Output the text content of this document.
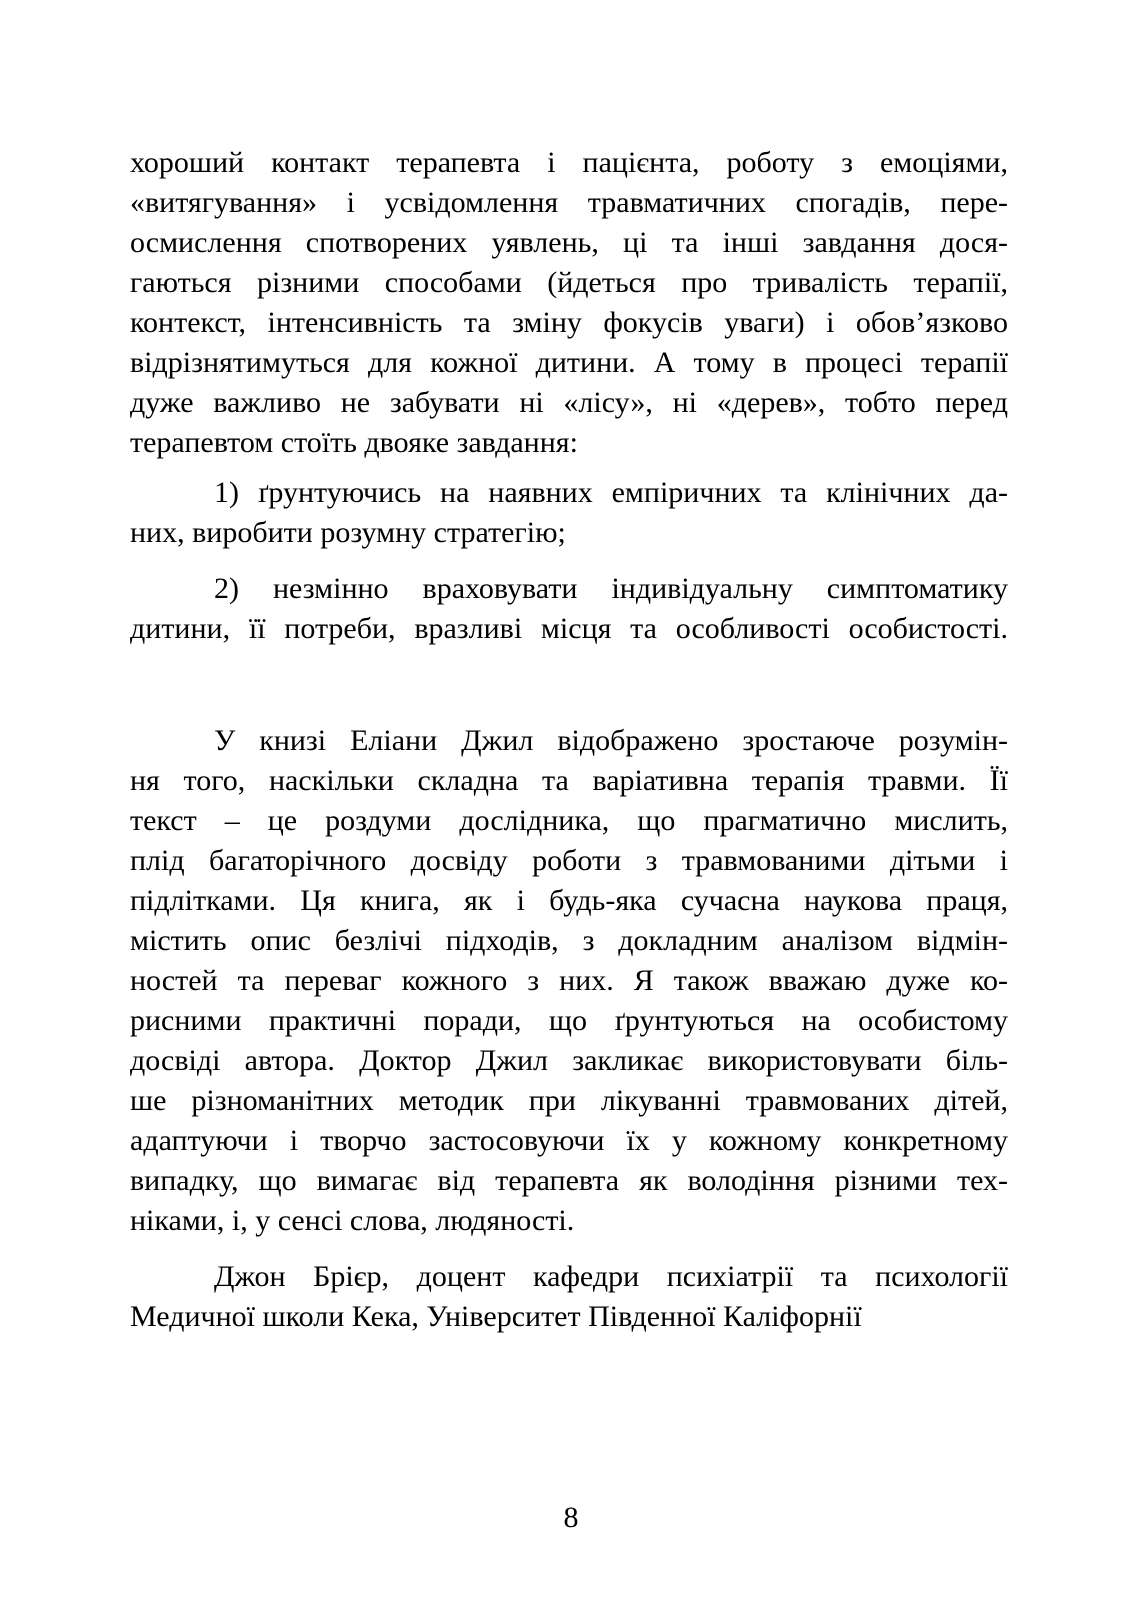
хороший контакт терапевта і пацієнта, роботу з емоціями,
«витягування» і усвідомлення травматичних спогадів, пере-
осмислення спотворених уявлень, ці та інші завдання дося-
гаються різними способами (йдеться про тривалість терапії,
контекст, інтенсивність та зміну фокусів уваги) і обов’язково
відрізнятимуться для кожної дитини. А тому в процесі терапії
дуже важливо не забувати ні «лісу», ні «дерев», тобто перед
терапевтом стоїть двояке завдання:
1) ґрунтуючись на наявних емпіричних та клінічних да-
них, виробити розумну стратегію;
2) незмінно враховувати індивідуальну симптоматику
дитини, її потреби, вразливі місця та особливості особистості.
У книзі Еліани Джил відображено зростаюче розумін-
ня того, наскільки складна та варіативна терапія травми. Її
текст – це роздуми дослідника, що прагматично мислить,
плід багаторічного досвіду роботи з травмованими дітьми і
підлітками. Ця книга, як і будь-яка сучасна наукова праця,
містить опис безлічі підходів, з докладним аналізом відмін-
ностей та переваг кожного з них. Я також вважаю дуже ко-
рисними практичні поради, що ґрунтуються на особистому
досвіді автора. Доктор Джил закликає використовувати біль-
ше різноманітних методик при лікуванні травмованих дітей,
адаптуючи і творчо застосовуючи їх у кожному конкретному
випадку, що вимагає від терапевта як володіння різними тех-
ніками, і, у сенсі слова, людяності.
Джон Брієр, доцент кафедри психіатрії та психології
Медичної школи Кека, Університет Південної Каліфорнії
8
